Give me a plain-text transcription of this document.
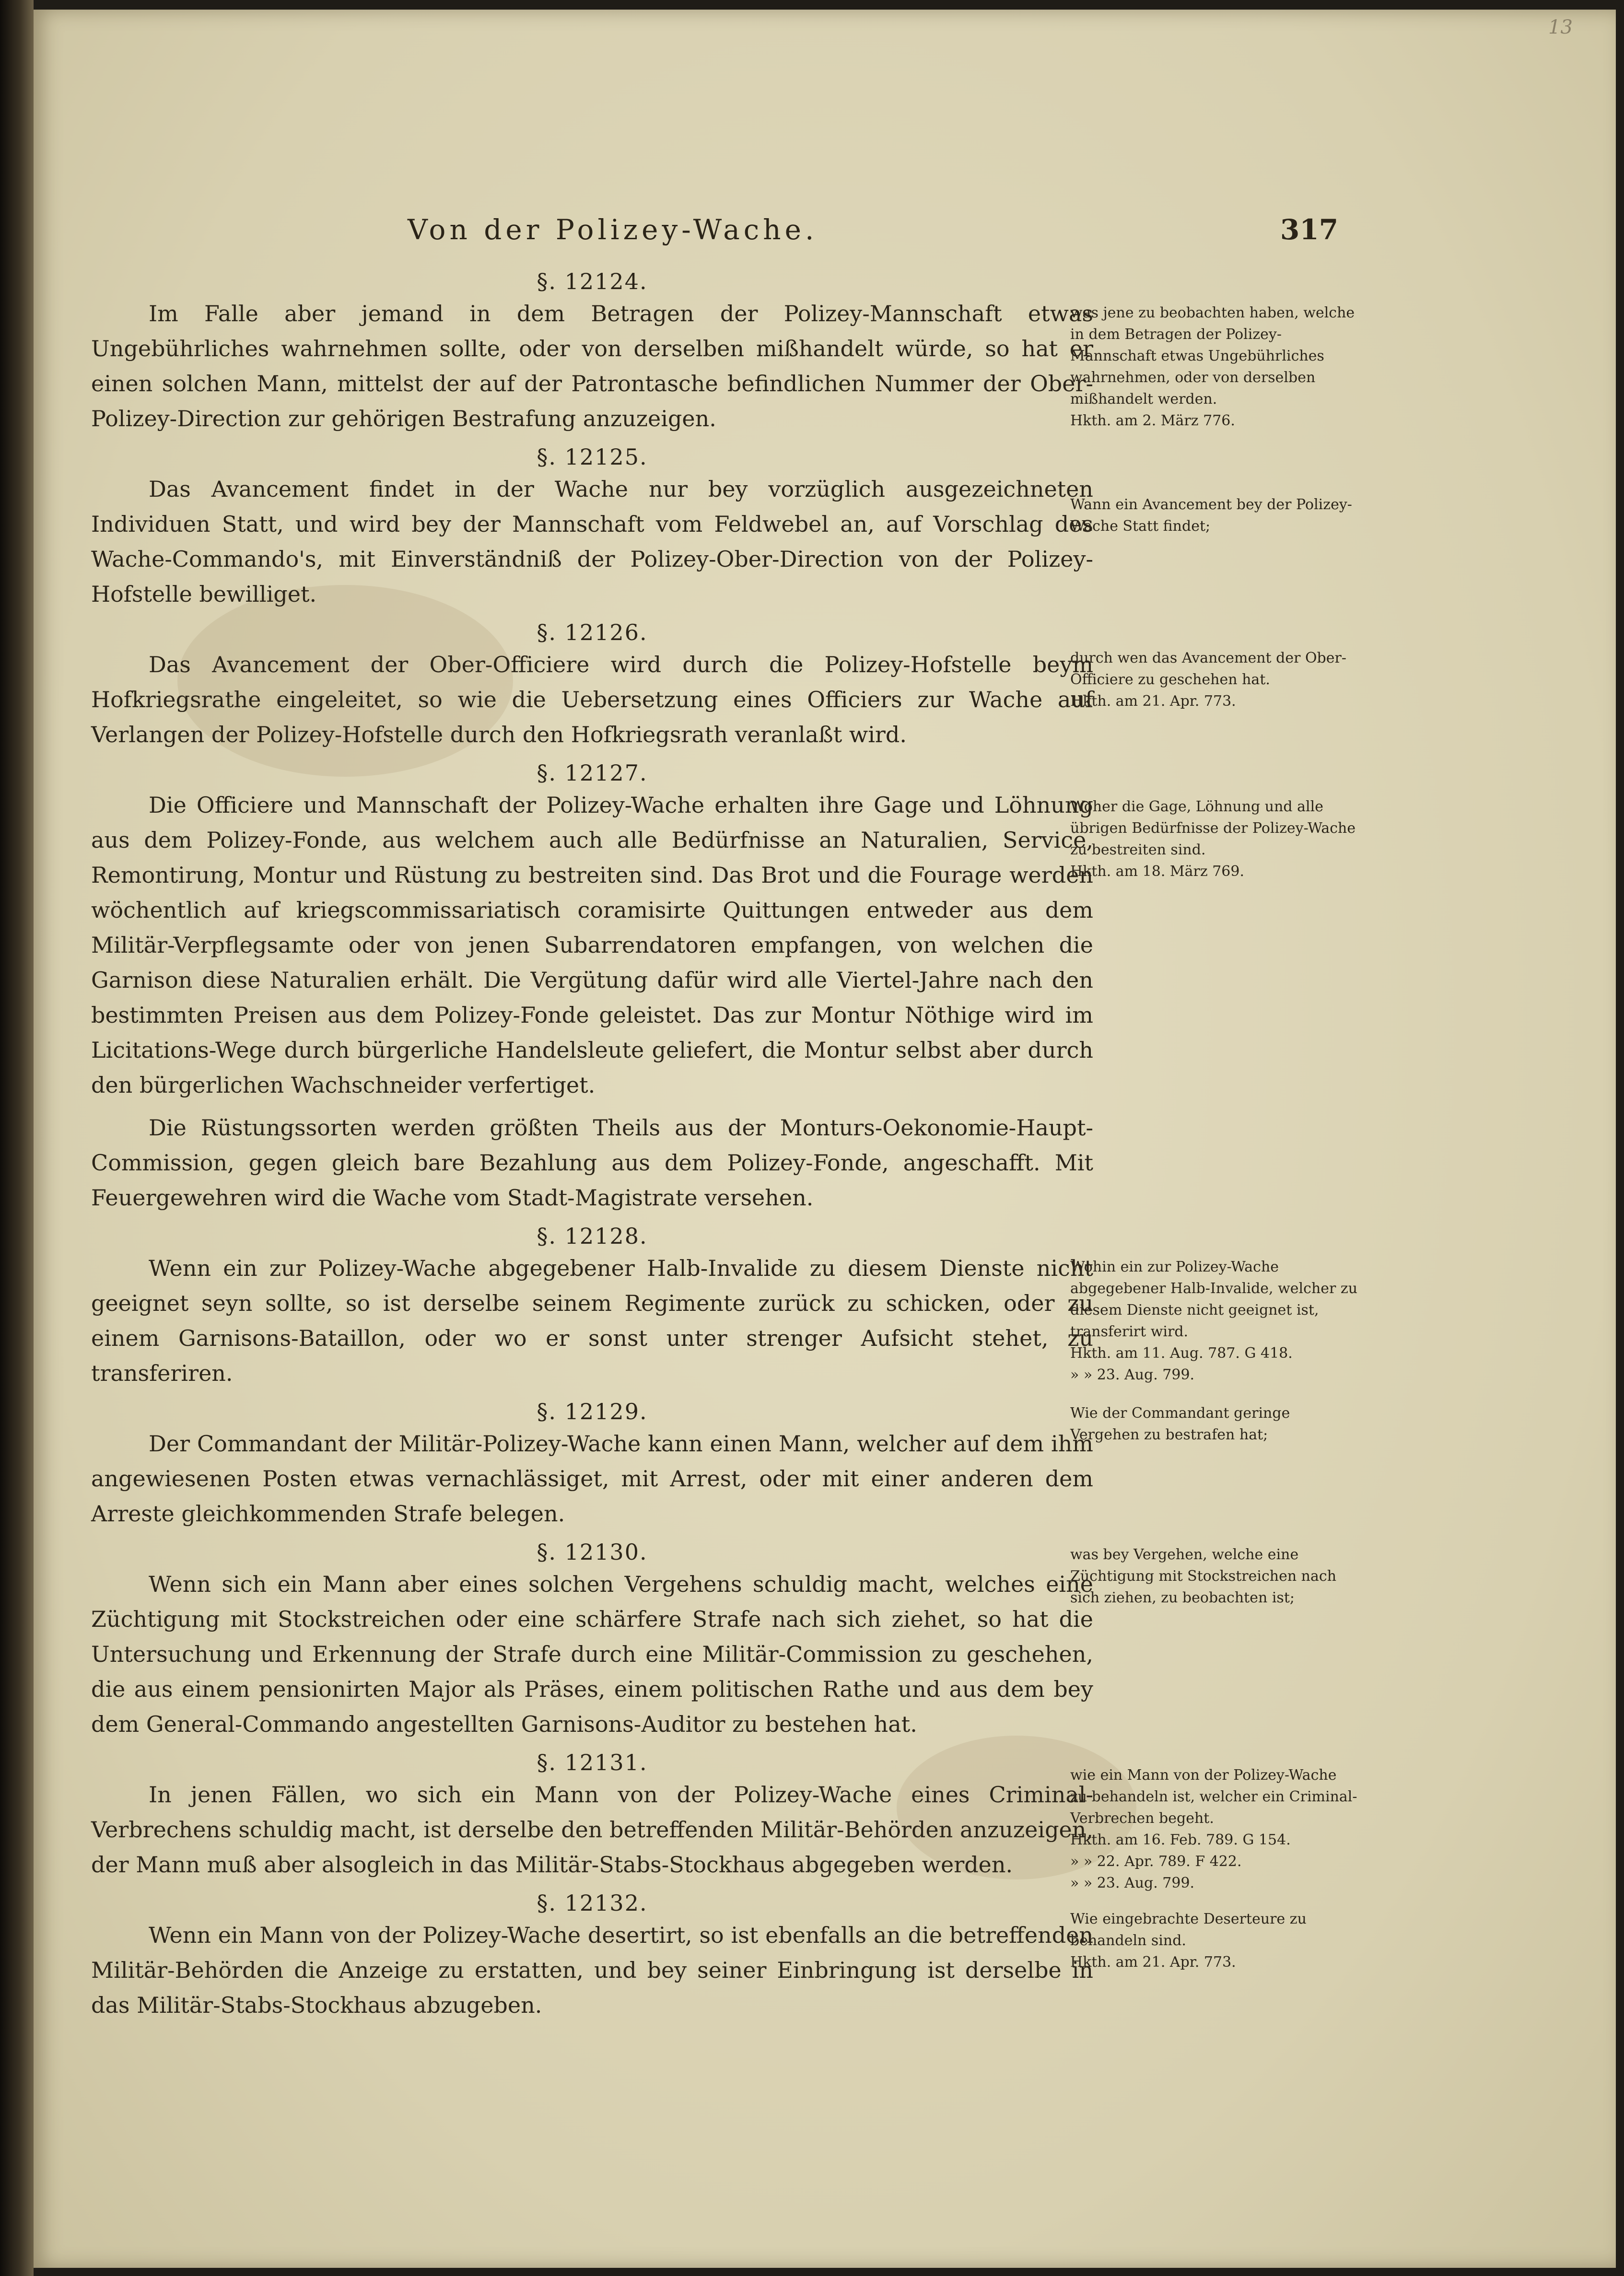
13
Von der Polizey-Wache.	317

§. 12124.

Im Falle aber jemand in dem Betragen der Polizey-Mannschaft etwas Ungebührliches wahrnehmen sollte, oder von derselben mißhandelt würde, so hat er einen solchen Mann, mittelst der auf der Patrontasche befindlichen Nummer der Ober-Polizey-Direction zur gehörigen Bestrafung anzuzeigen.

§. 12125.

Das Avancement findet in der Wache nur bey vorzüglich ausgezeichneten Individuen Statt, und wird bey der Mannschaft vom Feldwebel an, auf Vorschlag des Wache-Commando's, mit Einverständniß der Polizey-Ober-Direction von der Polizey-Hofstelle bewilliget.

§. 12126.

Das Avancement der Ober-Officiere wird durch die Polizey-Hofstelle beym Hofkriegsrathe eingeleitet, so wie die Uebersetzung eines Officiers zur Wache auf Verlangen der Polizey-Hofstelle durch den Hofkriegsrath veranlaßt wird.

§. 12127.

Die Officiere und Mannschaft der Polizey-Wache erhalten ihre Gage und Löhnung aus dem Polizey-Fonde, aus welchem auch alle Bedürfnisse an Naturalien, Service, Remontirung, Montur und Rüstung zu bestreiten sind. Das Brot und die Fourage werden wöchentlich auf kriegscommissariatisch coramisirte Quittungen entweder aus dem Militär-Verpflegsamte oder von jenen Subarrendatoren empfangen, von welchen die Garnison diese Naturalien erhält. Die Vergütung dafür wird alle Viertel-Jahre nach den bestimmten Preisen aus dem Polizey-Fonde geleistet. Das zur Montur Nöthige wird im Licitations-Wege durch bürgerliche Handelsleute geliefert, die Montur selbst aber durch den bürgerlichen Wachschneider verfertiget.

Die Rüstungssorten werden größten Theils aus der Monturs-Oekonomie-Haupt-Commission, gegen gleich bare Bezahlung aus dem Polizey-Fonde, angeschafft. Mit Feuergewehren wird die Wache vom Stadt-Magistrate versehen.

§. 12128.

Wenn ein zur Polizey-Wache abgegebener Halb-Invalide zu diesem Dienste nicht geeignet seyn sollte, so ist derselbe seinem Regimente zurück zu schicken, oder zu einem Garnisons-Bataillon, oder wo er sonst unter strenger Aufsicht stehet, zu transferiren.

§. 12129.

Der Commandant der Militär-Polizey-Wache kann einen Mann, welcher auf dem ihm angewiesenen Posten etwas vernachlässiget, mit Arrest, oder mit einer anderen dem Arreste gleichkommenden Strafe belegen.

§. 12130.

Wenn sich ein Mann aber eines solchen Vergehens schuldig macht, welches eine Züchtigung mit Stockstreichen oder eine schärfere Strafe nach sich ziehet, so hat die Untersuchung und Erkennung der Strafe durch eine Militär-Commission zu geschehen, die aus einem pensionirten Major als Präses, einem politischen Rathe und aus dem bey dem General-Commando angestellten Garnisons-Auditor zu bestehen hat.

§. 12131.

In jenen Fällen, wo sich ein Mann von der Polizey-Wache eines Criminal-Verbrechens schuldig macht, ist derselbe den betreffenden Militär-Behörden anzuzeigen, der Mann muß aber alsogleich in das Militär-Stabs-Stockhaus abgegeben werden.

§. 12132.

Wenn ein Mann von der Polizey-Wache desertirt, so ist ebenfalls an die betreffenden Militär-Behörden die Anzeige zu erstatten, und bey seiner Einbringung ist derselbe in das Militär-Stabs-Stockhaus abzugeben.

was jene zu beobachten haben, welche in dem Betragen der Polizey-Mannschaft etwas Ungebührliches wahrnehmen, oder von derselben mißhandelt werden.
Hkth. am 2. März 776.
Wann ein Avancement bey der Polizey-Wache Statt findet;
durch wen das Avancement der Ober-Officiere zu geschehen hat.
Hkth. am 21. Apr. 773.
Woher die Gage, Löhnung und alle übrigen Bedürfnisse der Polizey-Wache zu bestreiten sind.
Hkth. am 18. März 769.
Wohin ein zur Polizey-Wache abgegebener Halb-Invalide, welcher zu diesem Dienste nicht geeignet ist, transferirt wird.
Hkth. am 11. Aug. 787. G 418.
» » 23. Aug. 799.
Wie der Commandant geringe Vergehen zu bestrafen hat;
was bey Vergehen, welche eine Züchtigung mit Stockstreichen nach sich ziehen, zu beobachten ist;
wie ein Mann von der Polizey-Wache zu behandeln ist, welcher ein Criminal-Verbrechen begeht.
Hkth. am 16. Feb. 789. G 154.
» » 22. Apr. 789. F 422.
» » 23. Aug. 799.
Wie eingebrachte Deserteure zu behandeln sind.
Hkth. am 21. Apr. 773.
